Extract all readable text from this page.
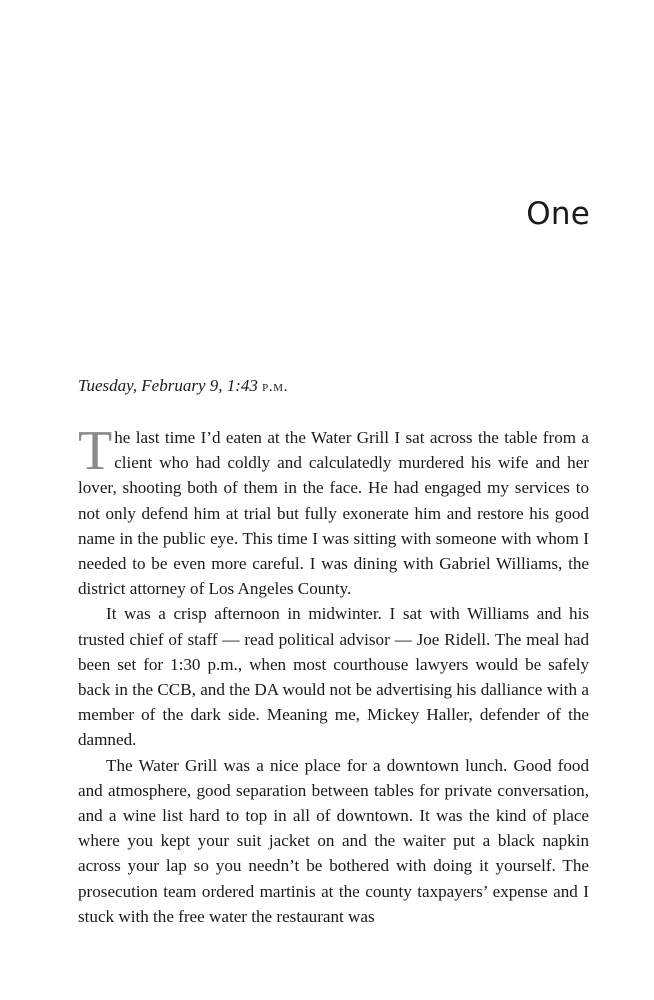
One

Tuesday, February 9, 1:43 p.m.

The last time I’d eaten at the Water Grill I sat across the table from a client who had coldly and calculatedly murdered his wife and her lover, shooting both of them in the face. He had engaged my services to not only defend him at trial but fully exonerate him and restore his good name in the public eye. This time I was sitting with someone with whom I needed to be even more careful. I was dining with Gabriel Williams, the district attorney of Los Angeles County.

It was a crisp afternoon in midwinter. I sat with Williams and his trusted chief of staff — read political advisor — Joe Ridell. The meal had been set for 1:30 p.m., when most courthouse lawyers would be safely back in the CCB, and the DA would not be advertising his dalliance with a member of the dark side. Meaning me, Mickey Haller, defender of the damned.

The Water Grill was a nice place for a downtown lunch. Good food and atmosphere, good separation between tables for private conversation, and a wine list hard to top in all of downtown. It was the kind of place where you kept your suit jacket on and the waiter put a black napkin across your lap so you needn’t be bothered with doing it yourself. The prosecution team ordered martinis at the county taxpayers’ expense and I stuck with the free water the restaurant was
